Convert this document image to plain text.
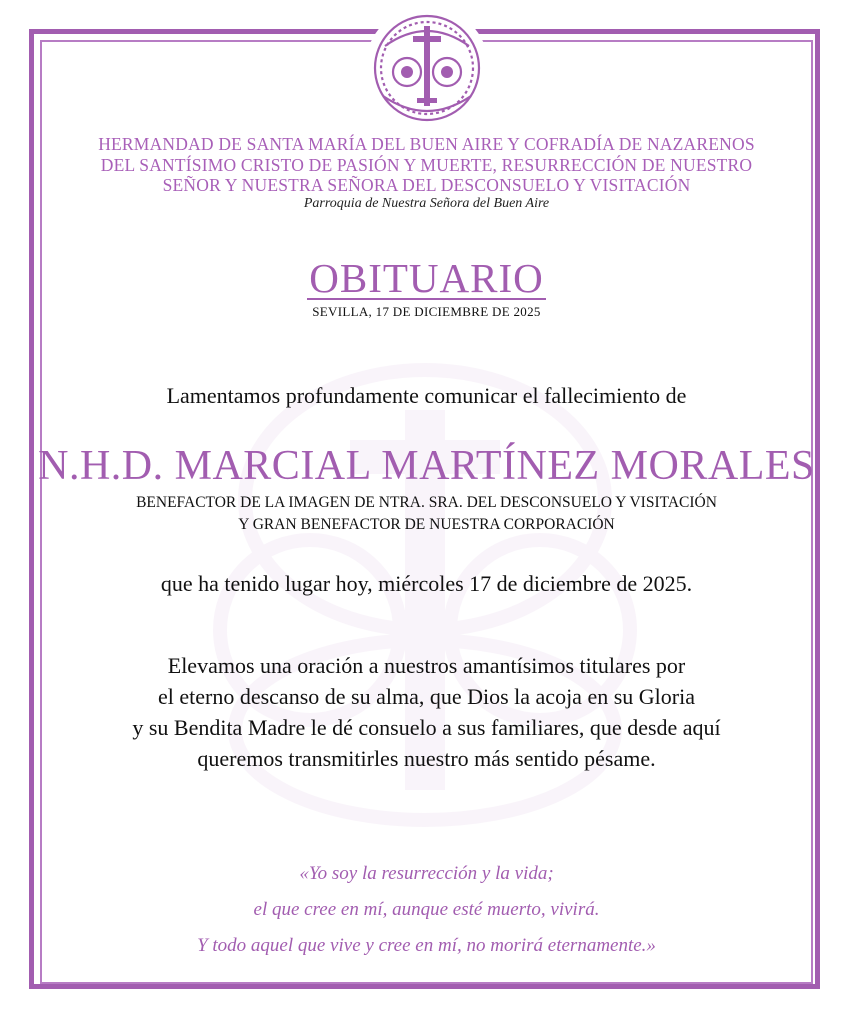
HERMANDAD DE SANTA MARÍA DEL BUEN AIRE Y COFRADÍA DE NAZARENOS
DEL SANTÍSIMO CRISTO DE PASIÓN Y MUERTE, RESURRECCIÓN DE NUESTRO
SEÑOR Y NUESTRA SEÑORA DEL DESCONSUELO Y VISITACIÓN
Parroquia de Nuestra Señora del Buen Aire
OBITUARIO
SEVILLA, 17 DE DICIEMBRE DE 2025
Lamentamos profundamente comunicar el fallecimiento de
N.H.D. MARCIAL MARTÍNEZ MORALES
BENEFACTOR DE LA IMAGEN DE NTRA. SRA. DEL DESCONSUELO Y VISITACIÓN
Y GRAN BENEFACTOR DE NUESTRA CORPORACIÓN
que ha tenido lugar hoy, miércoles 17 de diciembre de 2025.
Elevamos una oración a nuestros amantísimos titulares por
el eterno descanso de su alma, que Dios la acoja en su Gloria
y su Bendita Madre le dé consuelo a sus familiares, que desde aquí
queremos transmitirles nuestro más sentido pésame.
«Yo soy la resurrección y la vida;
el que cree en mí, aunque esté muerto, vivirá.
Y todo aquel que vive y cree en mí, no morirá eternamente.»
